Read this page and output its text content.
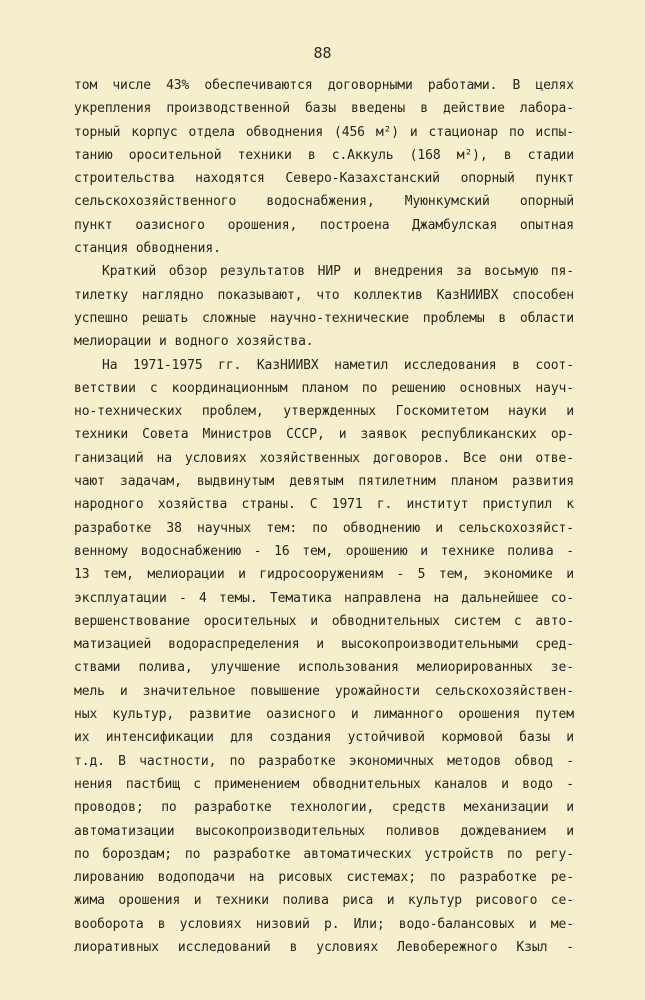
88
том числе 43% обеспечиваются договорными работами. В целях
укрепления производственной базы введены в действие лабора-
торный корпус отдела обводнения (456 м²) и стационар по испы-
танию оросительной техники в с.Аккуль (168 м²), в стадии
строительства находятся Северо-Казахстанский опорный пункт
сельскохозяйственного водоснабжения, Муюнкумский опорный
пункт оазисного орошения, построена Джамбулская опытная
станция обводнения.
Краткий обзор результатов НИР и внедрения за восьмую пя-
тилетку наглядно показывают, что коллектив КазНИИВХ способен
успешно решать сложные научно-технические проблемы в области
мелиорации и водного хозяйства.
На 1971-1975 гг. КазНИИВХ наметил исследования в соот-
ветствии с координационным планом по решению основных науч-
но-технических проблем, утвержденных Госкомитетом науки и
техники Совета Министров СССР, и заявок республиканских ор-
ганизаций на условиях хозяйственных договоров. Все они отве-
чают задачам, выдвинутым девятым пятилетним планом развития
народного хозяйства страны. С 1971 г. институт приступил к
разработке 38 научных тем: по обводнению и сельскохозяйст-
венному водоснабжению - 16 тем, орошению и технике полива -
13 тем, мелиорации и гидросооружениям - 5 тем, экономике и
эксплуатации - 4 темы. Тематика направлена на дальнейшее со-
вершенствование оросительных и обводнительных систем с авто-
матизацией водораспределения и высокопроизводительными сред-
ствами полива, улучшение использования мелиорированных зе-
мель и значительное повышение урожайности сельскохозяйствен-
ных культур, развитие оазисного и лиманного орошения путем
их интенсификации для создания устойчивой кормовой базы и
т.д. В частности, по разработке экономичных методов обвод -
нения пастбищ с применением обводнительных каналов и водо -
проводов; по разработке технологии, средств механизации и
автоматизации высокопроизводительных поливов дождеванием и
по бороздам; по разработке автоматических устройств по регу-
лированию водоподачи на рисовых системах; по разработке ре-
жима орошения и техники полива риса и культур рисового се-
вооборота в условиях низовий р. Или; водо-балансовых и ме-
лиоративных исследований в условиях Левобережного Кзыл -
